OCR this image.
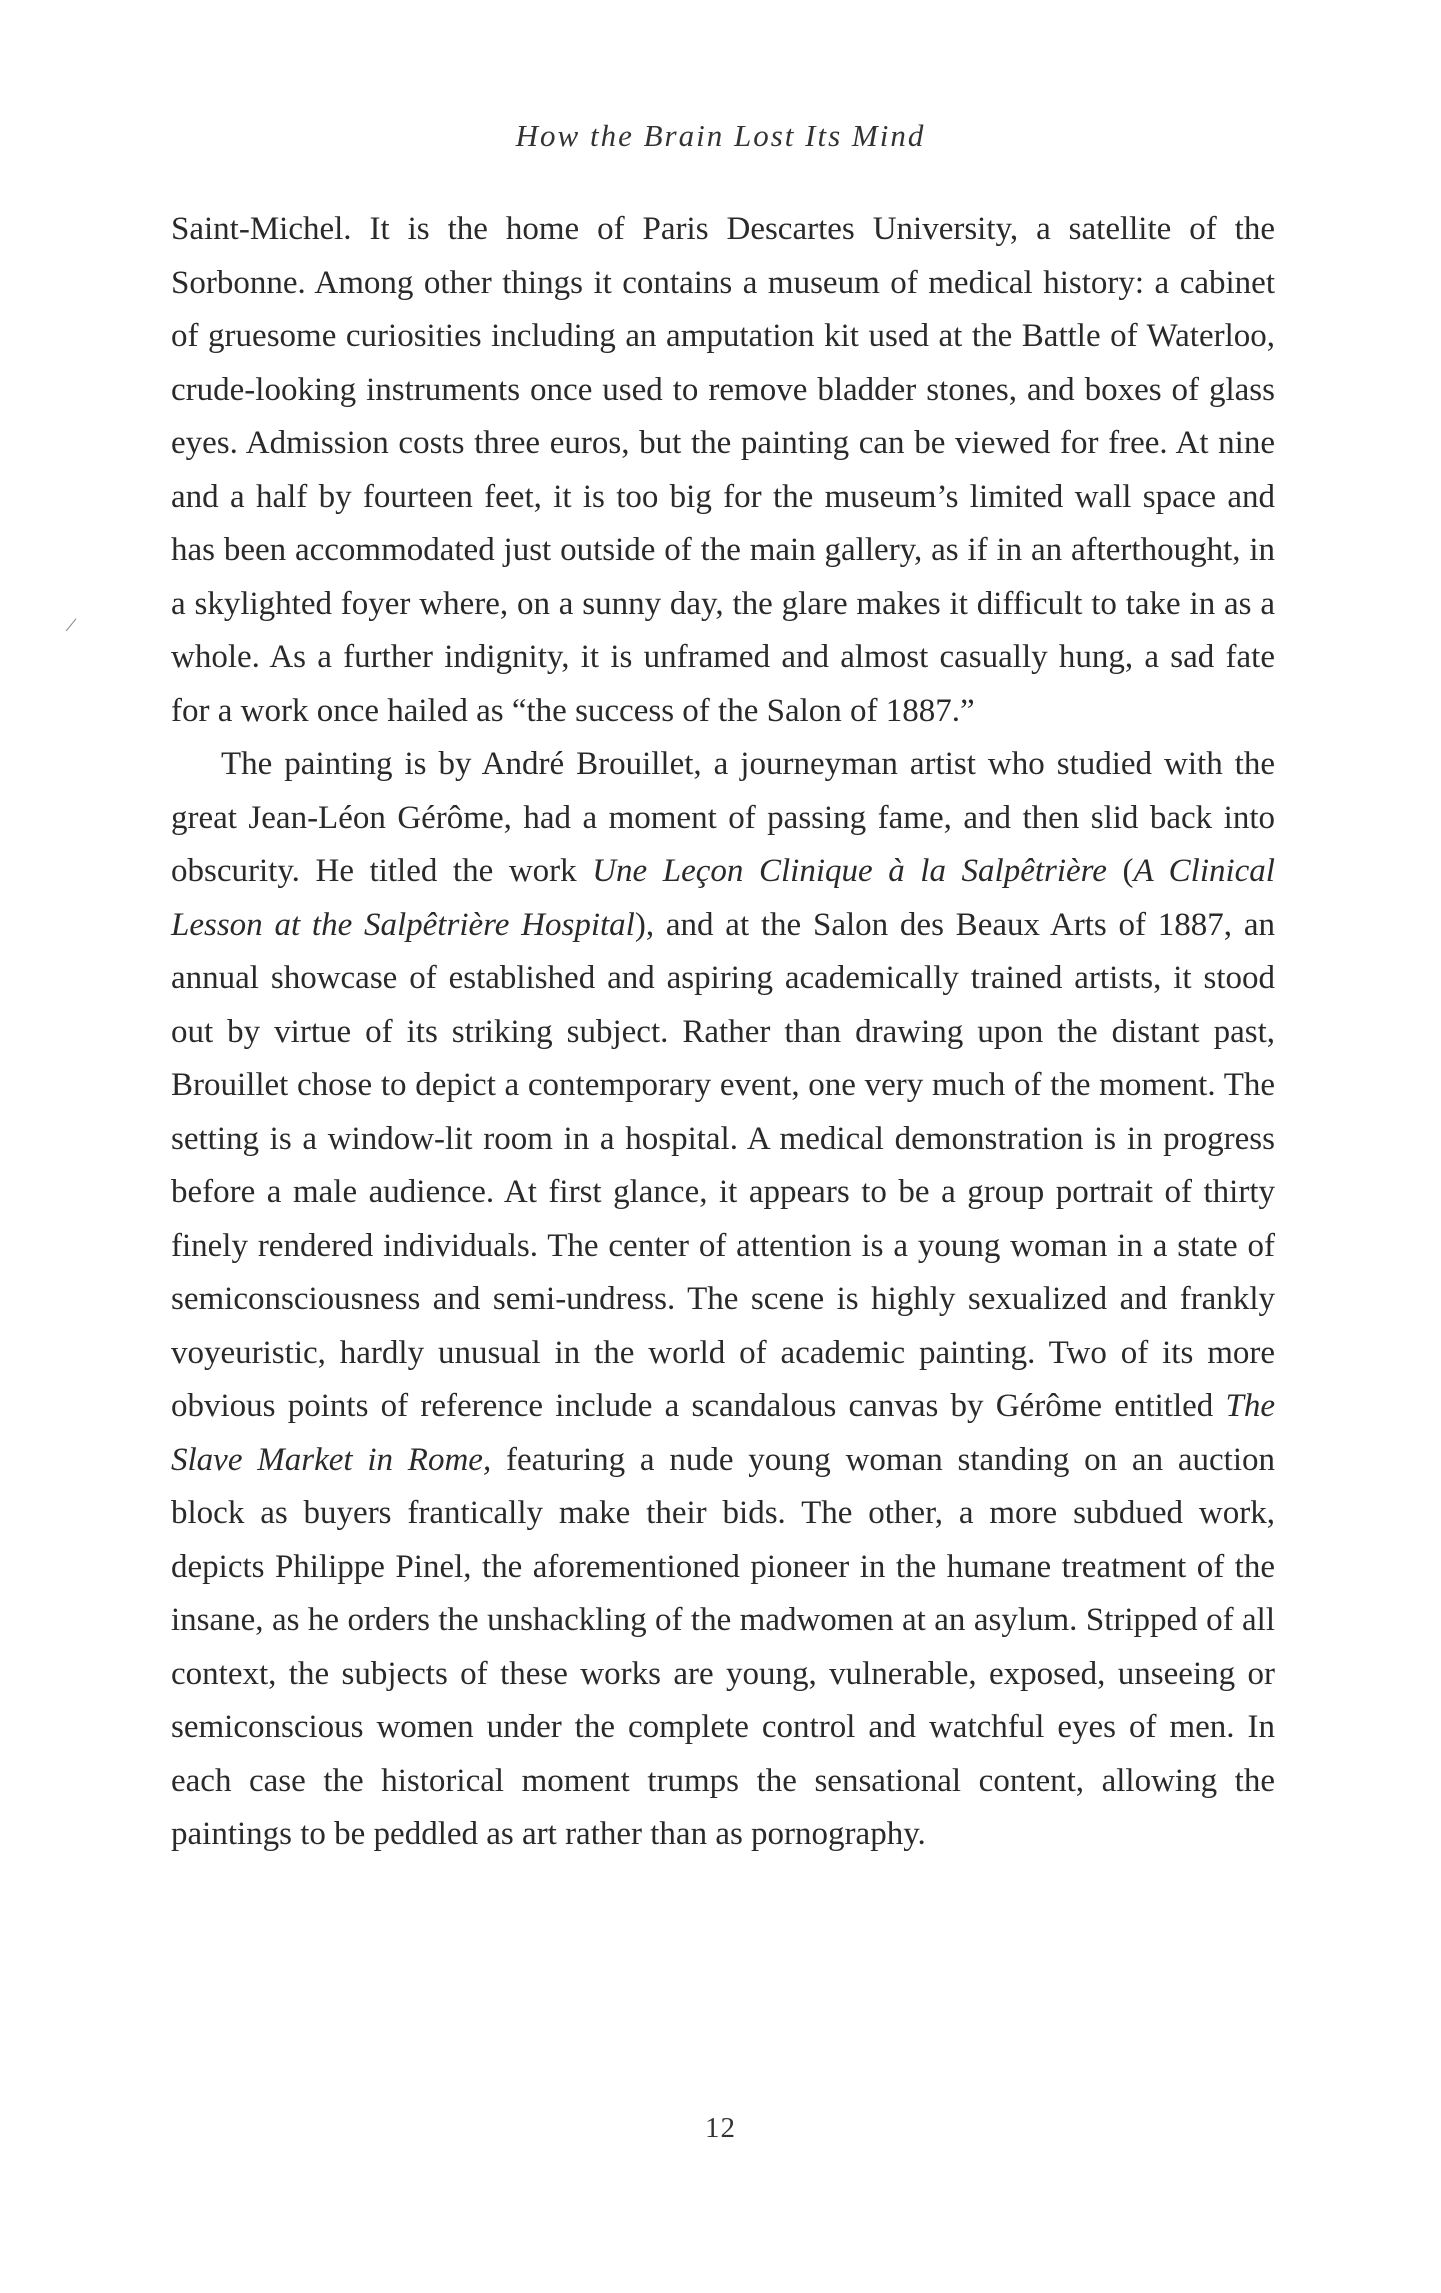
How the Brain Lost Its Mind
/

Saint-Michel. It is the home of Paris Descartes University, a satellite of the Sorbonne. Among other things it contains a museum of medical history: a cabinet of gruesome curiosities including an amputation kit used at the Battle of Waterloo, crude-looking instruments once used to remove bladder stones, and boxes of glass eyes. Admission costs three euros, but the painting can be viewed for free. At nine and a half by fourteen feet, it is too big for the museum’s limited wall space and has been accommodated just outside of the main gallery, as if in an afterthought, in a skylighted foyer where, on a sunny day, the glare makes it difficult to take in as a whole. As a further indignity, it is unframed and almost casually hung, a sad fate for a work once hailed as “the success of the Salon of 1887.”

The painting is by André Brouillet, a journeyman artist who studied with the great Jean-Léon Gérôme, had a moment of passing fame, and then slid back into obscurity. He titled the work Une Leçon Clinique à la Salpêtrière (A Clinical Lesson at the Salpêtrière Hospital), and at the Salon des Beaux Arts of 1887, an annual showcase of established and aspiring academically trained artists, it stood out by virtue of its striking subject. Rather than drawing upon the distant past, Brouillet chose to depict a contemporary event, one very much of the moment. The setting is a window-lit room in a hospital. A medical demonstration is in progress before a male audience. At first glance, it appears to be a group portrait of thirty finely rendered individuals. The center of attention is a young woman in a state of semiconsciousness and semi-undress. The scene is highly sexualized and frankly voyeuristic, hardly unusual in the world of academic painting. Two of its more obvious points of reference include a scandalous canvas by Gérôme entitled The Slave Market in Rome, featuring a nude young woman standing on an auction block as buyers frantically make their bids. The other, a more subdued work, depicts Philippe Pinel, the aforementioned pioneer in the humane treatment of the insane, as he orders the unshackling of the madwomen at an asylum. Stripped of all context, the subjects of these works are young, vulnerable, exposed, unseeing or semiconscious women under the complete control and watchful eyes of men. In each case the historical moment trumps the sensational content, allowing the paintings to be peddled as art rather than as pornography.

12
